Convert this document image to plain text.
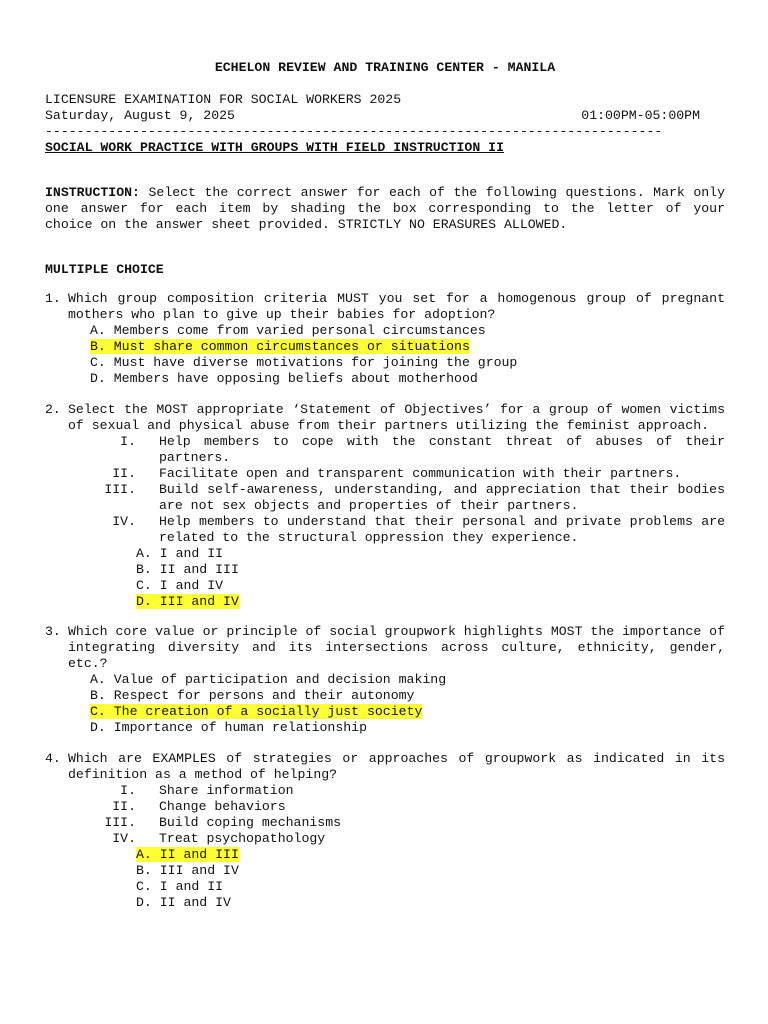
ECHELON REVIEW AND TRAINING CENTER - MANILA
LICENSURE EXAMINATION FOR SOCIAL WORKERS 2025
Saturday, August 9, 2025	01:00PM-05:00PM
------------------------------------------------------------------------------
SOCIAL WORK PRACTICE WITH GROUPS WITH FIELD INSTRUCTION II
INSTRUCTION: Select the correct answer for each of the following questions. Mark only one answer for each item by shading the box corresponding to the letter of your choice on the answer sheet provided. STRICTLY NO ERASURES ALLOWED.
MULTIPLE CHOICE
1. Which group composition criteria MUST you set for a homogenous group of pregnant mothers who plan to give up their babies for adoption?
A. Members come from varied personal circumstances
B. Must share common circumstances or situations
C. Must have diverse motivations for joining the group
D. Members have opposing beliefs about motherhood
2. Select the MOST appropriate ‘Statement of Objectives’ for a group of women victims of sexual and physical abuse from their partners utilizing the feminist approach.
I.	Help members to cope with the constant threat of abuses of their partners.
II.	Facilitate open and transparent communication with their partners.
III.	Build self-awareness, understanding, and appreciation that their bodies are not sex objects and properties of their partners.
IV.	Help members to understand that their personal and private problems are related to the structural oppression they experience.
A. I and II
B. II and III
C. I and IV
D. III and IV
3. Which core value or principle of social groupwork highlights MOST the importance of integrating diversity and its intersections across culture, ethnicity, gender, etc.?
A. Value of participation and decision making
B. Respect for persons and their autonomy
C. The creation of a socially just society
D. Importance of human relationship
4. Which are EXAMPLES of strategies or approaches of groupwork as indicated in its definition as a method of helping?
I.	Share information
II.	Change behaviors
III.	Build coping mechanisms
IV.	Treat psychopathology
A. II and III
B. III and IV
C. I and II
D. II and IV
